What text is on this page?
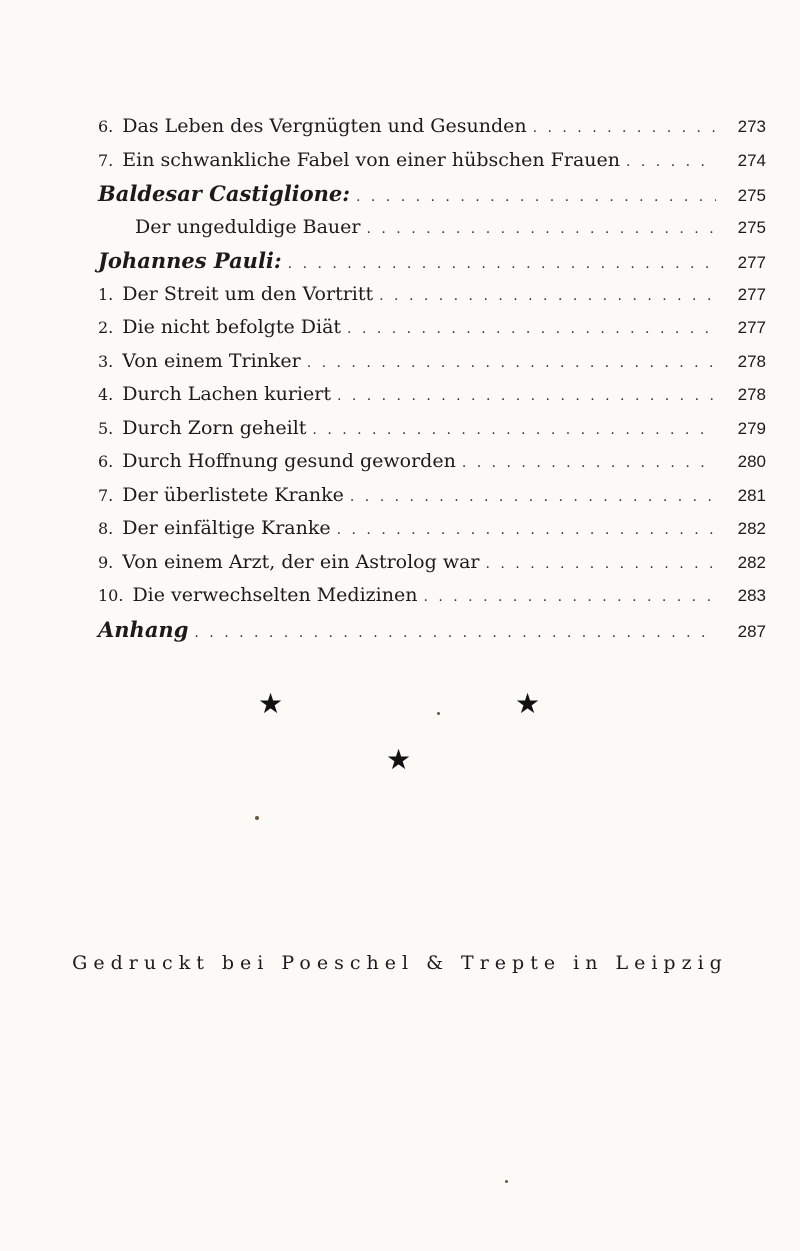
6. Das Leben des Vergnügten und Gesunden . . .	273
7. Ein schwankliche Fabel von einer hübschen Frauen . . .	274
Baldesar Castiglione: . . .	275
Der ungeduldige Bauer . . .	275
Johannes Pauli: . . .	277
1. Der Streit um den Vortritt . . .	277
2. Die nicht befolgte Diät . . .	277
3. Von einem Trinker . . .	278
4. Durch Lachen kuriert . . .	278
5. Durch Zorn geheilt . . .	279
6. Durch Hoffnung gesund geworden . . .	280
7. Der überlistete Kranke . . .	281
8. Der einfältige Kranke . . .	282
9. Von einem Arzt, der ein Astrolog war . . .	282
10. Die verwechselten Medizinen . . .	283
Anhang . . .	287
★	★
★
Gedruckt bei Poeschel & Trepte in Leipzig
